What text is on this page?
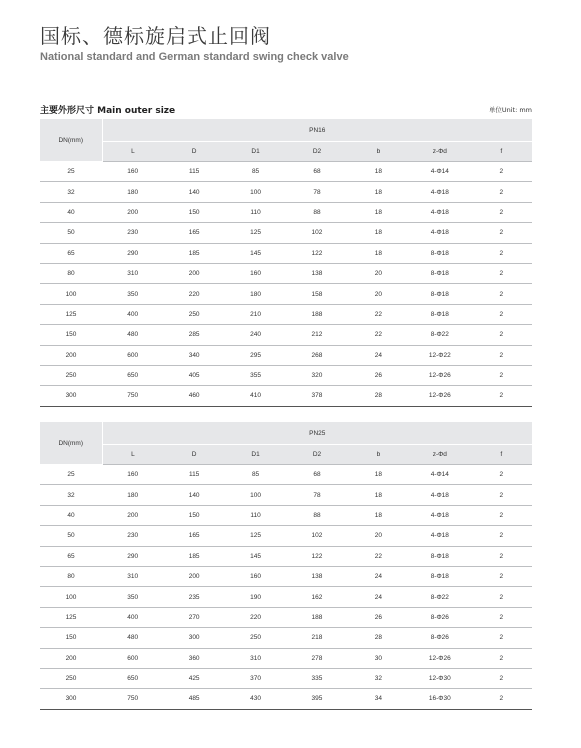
国标、德标旋启式止回阀
National standard and German standard swing check valve
主要外形尺寸 Main outer size	单位Unit: mm
DN(mm)	PN16						
	L	D	D1	D2	b	z-Φd	f
25	160	115	85	68	18	4-Φ14	2
32	180	140	100	78	18	4-Φ18	2
40	200	150	110	88	18	4-Φ18	2
50	230	165	125	102	18	4-Φ18	2
65	290	185	145	122	18	8-Φ18	2
80	310	200	160	138	20	8-Φ18	2
100	350	220	180	158	20	8-Φ18	2
125	400	250	210	188	22	8-Φ18	2
150	480	285	240	212	22	8-Φ22	2
200	600	340	295	268	24	12-Φ22	2
250	650	405	355	320	26	12-Φ26	2
300	750	460	410	378	28	12-Φ26	2
DN(mm)	PN25						
	L	D	D1	D2	b	z-Φd	f
25	160	115	85	68	18	4-Φ14	2
32	180	140	100	78	18	4-Φ18	2
40	200	150	110	88	18	4-Φ18	2
50	230	165	125	102	20	4-Φ18	2
65	290	185	145	122	22	8-Φ18	2
80	310	200	160	138	24	8-Φ18	2
100	350	235	190	162	24	8-Φ22	2
125	400	270	220	188	26	8-Φ26	2
150	480	300	250	218	28	8-Φ26	2
200	600	360	310	278	30	12-Φ26	2
250	650	425	370	335	32	12-Φ30	2
300	750	485	430	395	34	16-Φ30	2
